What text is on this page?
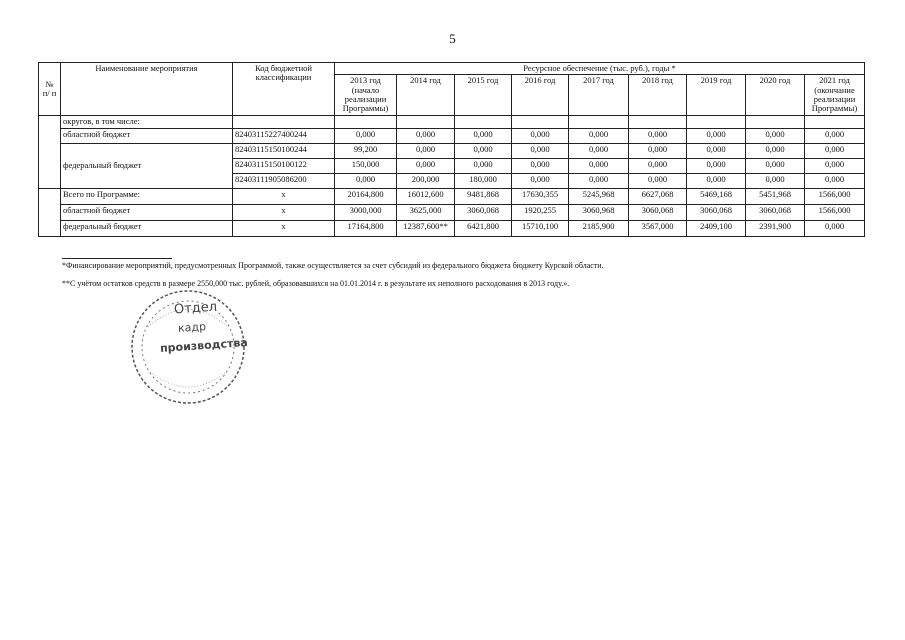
5
№ п/ п	Наименование мероприятия	Код бюджетной классификации	Ресурсное обеспечение (тыс. руб.), годы *								
			2013 год (начало реализации Программы)	2014 год	2015 год	2016 год	2017 год	2018 год	2019 год	2020 год	2021 год (окончание реализации Программы)
	округов, в том числе:										
	областной бюджет	82403115227400244	0,000	0,000	0,000	0,000	0,000	0,000	0,000	0,000	0,000
	федеральный бюджет	82403115150100244	99,200	0,000	0,000	0,000	0,000	0,000	0,000	0,000	0,000
		82403115150100122	150,000	0,000	0,000	0,000	0,000	0,000	0,000	0,000	0,000
		82403111905086200	0,000	200,000	180,000	0,000	0,000	0,000	0,000	0,000	0,000
	Всего по Программе:	х	20164,800	16012,600	9481,868	17630,355	5245,968	6627,068	5469,168	5451,968	1566,000
	областной бюджет	х	3000,000	3625,000	3060,068	1920,255	3060,968	3060,068	3060,068	3060,068	1566,000
	федеральный бюджет	х	17164,800	12387,600**	6421,800	15710,100	2185,900	3567,000	2409,100	2391,900	0,000
*Финансирование мероприятий, предусмотренных Программой, также осуществляется за счет субсидий из федерального бюджета бюджету Курской области.
**С учётом остатков средств в размере 2550,000 тыс. рублей, образовавшихся на 01.01.2014 г. в результате их неполного расходования в 2013 году.».
Отдел
кадр
производства
